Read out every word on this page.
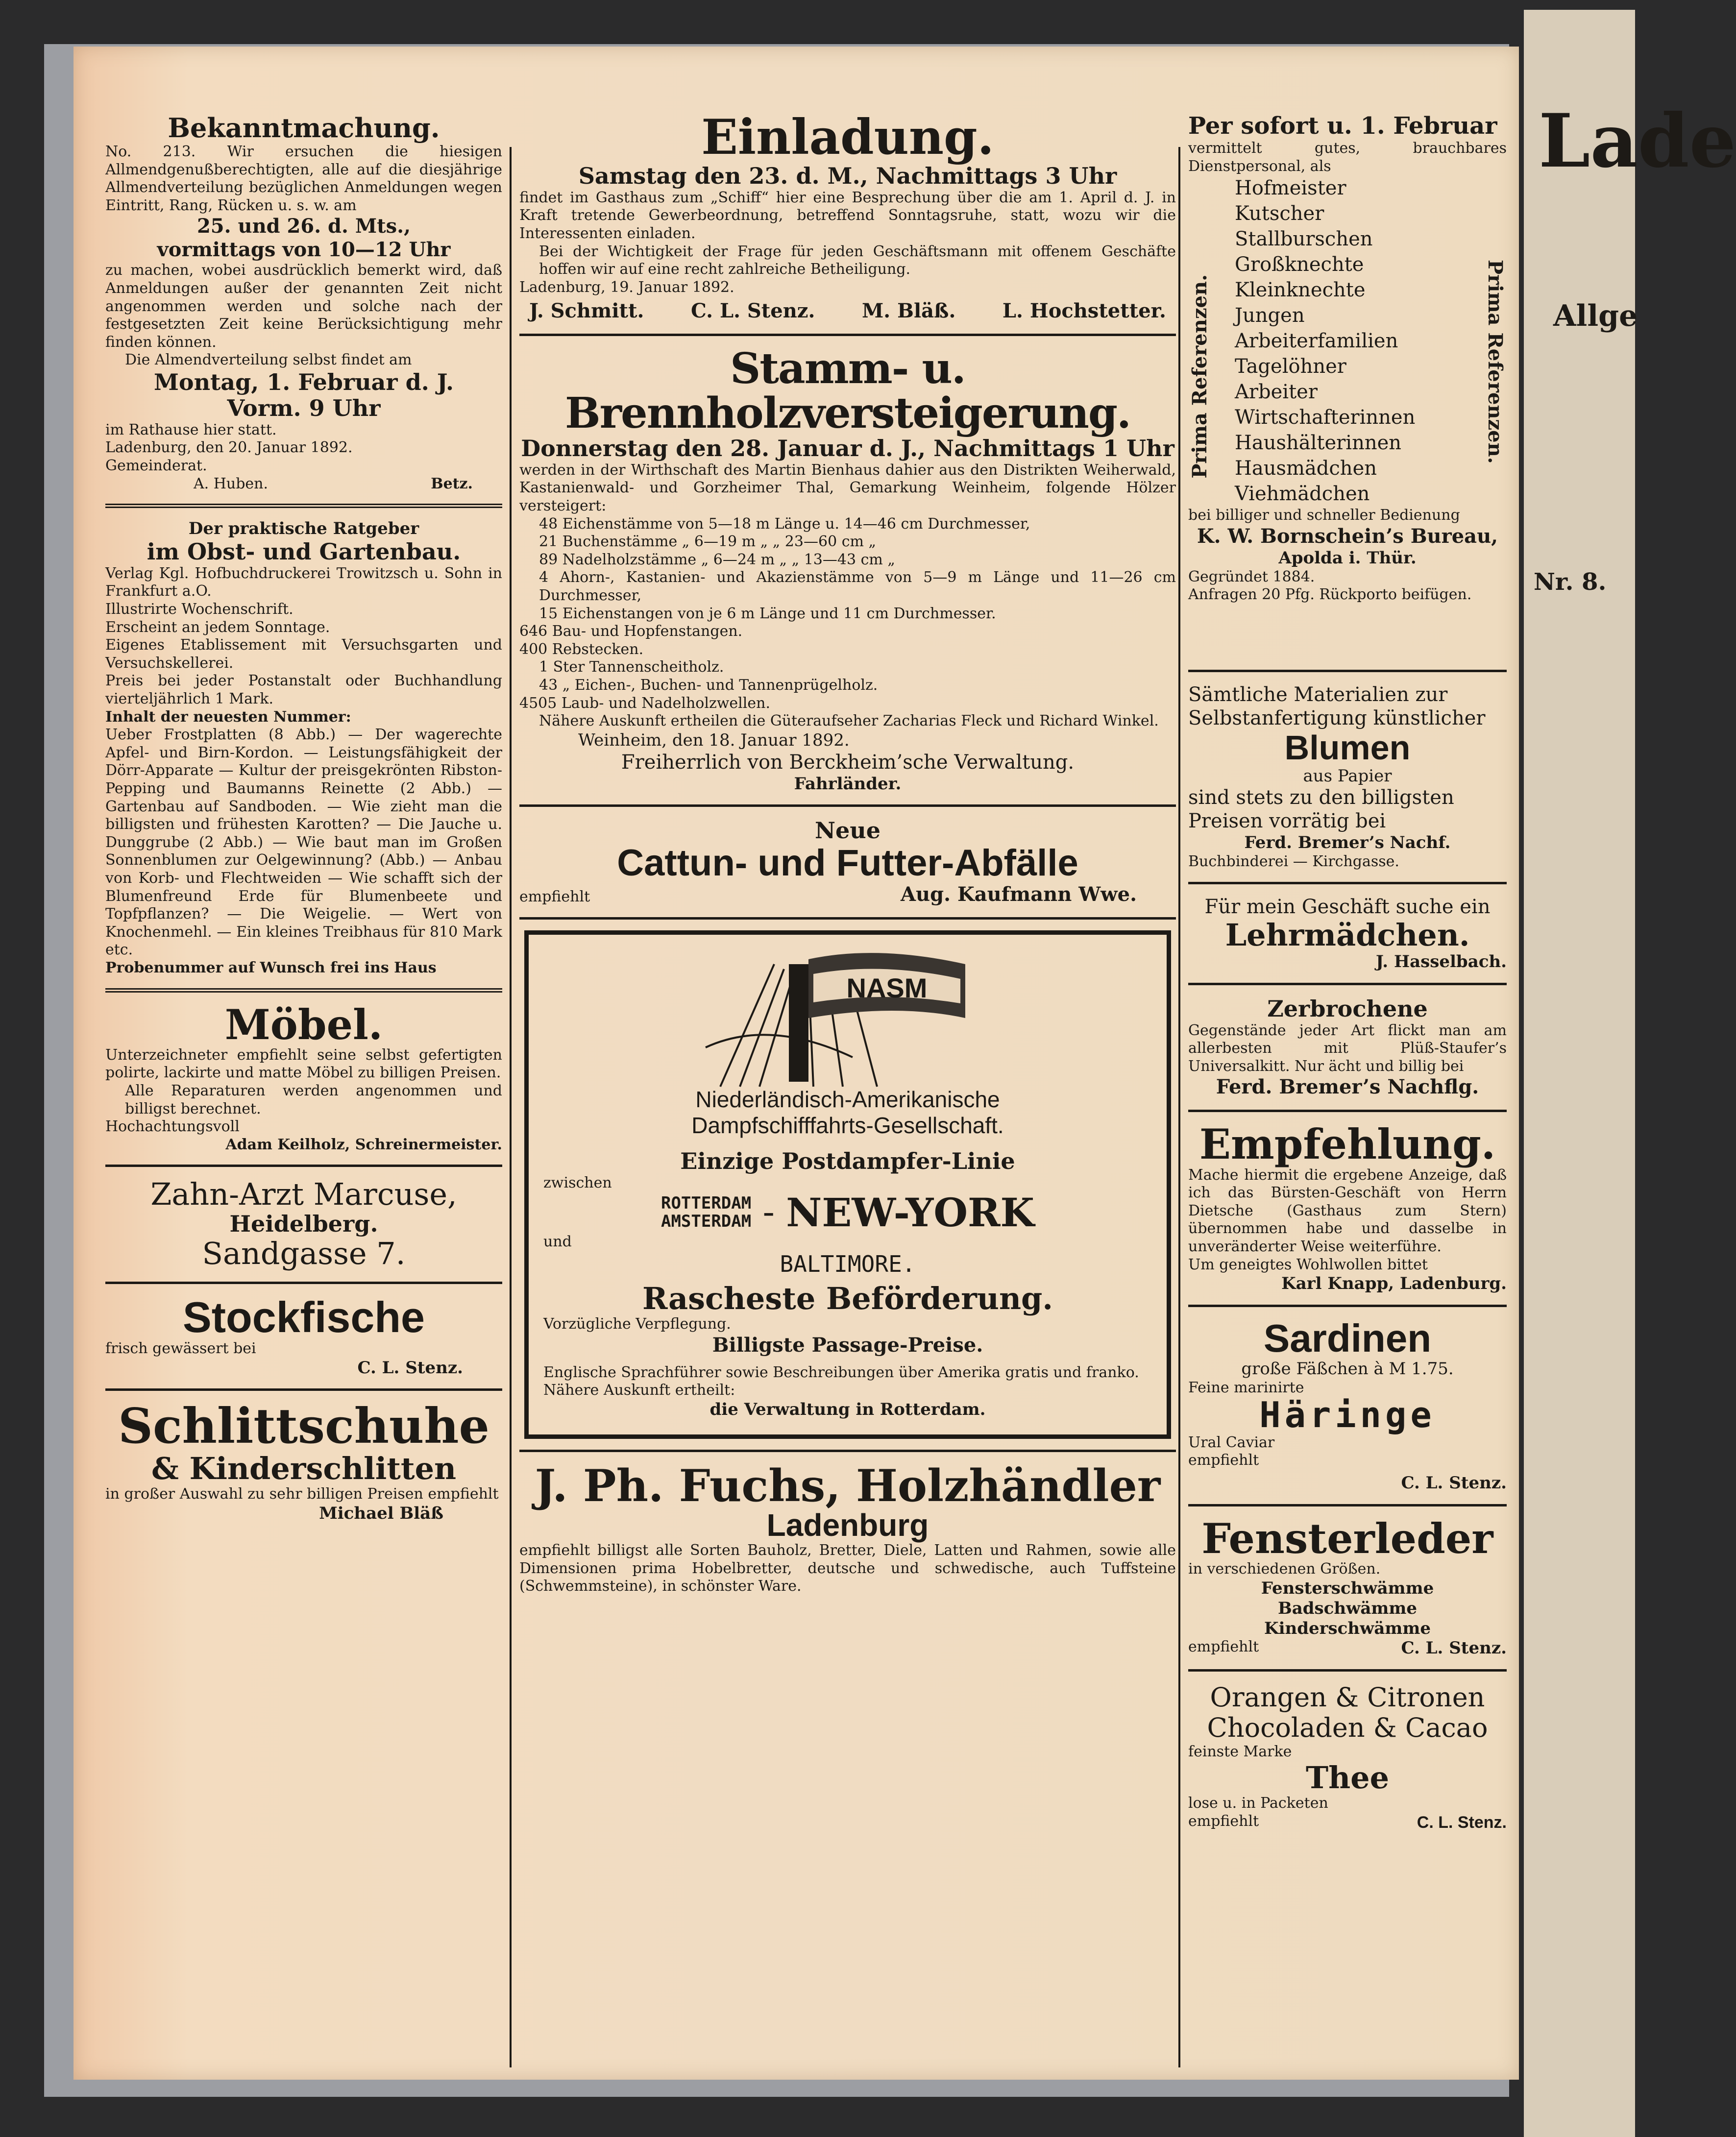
Lade
Allge
Nr. 8.

Bekanntmachung.

No. 213. Wir ersuchen die hiesigen Allmendgenußberechtigten, alle auf die diesjährige Allmendverteilung bezüglichen Anmeldungen wegen Eintritt, Rang, Rücken u. s. w. am

25. und 26. d. Mts.,

vormittags von 10—12 Uhr

zu machen, wobei ausdrücklich bemerkt wird, daß Anmeldungen außer der genannten Zeit nicht angenommen werden und solche nach der festgesetzten Zeit keine Berücksichtigung mehr finden können.

Die Almendverteilung selbst findet am

Montag, 1. Februar d. J.

Vorm. 9 Uhr

im Rathause hier statt.

Ladenburg, den 20. Januar 1892.

Gemeinderat.

A. Huben.	Betz.

Der praktische Ratgeber

im Obst- und Gartenbau.

Verlag Kgl. Hofbuchdruckerei Trowitzsch u. Sohn in Frankfurt a.O.

Illustrirte Wochenschrift.

Erscheint an jedem Sonntage.

Eigenes Etablissement mit Versuchsgarten und Versuchskellerei.

Preis bei jeder Postanstalt oder Buchhandlung vierteljährlich 1 Mark.

Inhalt der neuesten Nummer:

Ueber Frostplatten (8 Abb.) — Der wagerechte Apfel- und Birn-Kordon. — Leistungsfähigkeit der Dörr-Apparate — Kultur der preisgekrönten Ribston-Pepping und Baumanns Reinette (2 Abb.) — Gartenbau auf Sandboden. — Wie zieht man die billigsten und frühesten Karotten? — Die Jauche u. Dunggrube (2 Abb.) — Wie baut man im Großen Sonnenblumen zur Oelgewinnung? (Abb.) — Anbau von Korb- und Flechtweiden — Wie schafft sich der Blumenfreund Erde für Blumenbeete und Topfpflanzen? — Die Weigelie. — Wert von Knochenmehl. — Ein kleines Treibhaus für 810 Mark etc.

Probenummer auf Wunsch frei ins Haus

Möbel.

Unterzeichneter empfiehlt seine selbst gefertigten polirte, lackirte und matte Möbel zu billigen Preisen.

Alle Reparaturen werden angenommen und billigst berechnet.

Hochachtungsvoll

Adam Keilholz, Schreinermeister.

Zahn-Arzt Marcuse,

Heidelberg.

Sandgasse 7.

Stockfische

frisch gewässert bei

C. L. Stenz.

Schlittschuhe

& Kinderschlitten

in großer Auswahl zu sehr billigen Preisen empfiehlt

Michael Bläß

Einladung.

Samstag den 23. d. M., Nachmittags 3 Uhr

findet im Gasthaus zum „Schiff“ hier eine Besprechung über die am 1. April d. J. in Kraft tretende Gewerbeordnung, betreffend Sonntagsruhe, statt, wozu wir die Interessenten einladen.

Bei der Wichtigkeit der Frage für jeden Geschäftsmann mit offenem Geschäfte hoffen wir auf eine recht zahlreiche Betheiligung.

Ladenburg, 19. Januar 1892.

J. Schmitt. C. L. Stenz. M. Bläß. L. Hochstetter.

Stamm- u. Brennholzversteigerung.

Donnerstag den 28. Januar d. J., Nachmittags 1 Uhr

werden in der Wirthschaft des Martin Bienhaus dahier aus den Distrikten Weiherwald, Kastanienwald- und Gorzheimer Thal, Gemarkung Weinheim, folgende Hölzer versteigert:

48 Eichenstämme von 5—18 m Länge u. 14—46 cm Durchmesser,

21 Buchenstämme „ 6—19 m „ „ 23—60 cm „

89 Nadelholzstämme „ 6—24 m „ „ 13—43 cm „

4 Ahorn-, Kastanien- und Akazienstämme von 5—9 m Länge und 11—26 cm Durchmesser,

15 Eichenstangen von je 6 m Länge und 11 cm Durchmesser.

646 Bau- und Hopfenstangen.

400 Rebstecken.

1 Ster Tannenscheitholz.

43 „ Eichen-, Buchen- und Tannenprügelholz.

4505 Laub- und Nadelholzwellen.

Nähere Auskunft ertheilen die Güteraufseher Zacharias Fleck und Richard Winkel.

Weinheim, den 18. Januar 1892.

Freiherrlich von Berckheim’sche Verwaltung.

Fahrländer.

Neue

Cattun- und Futter-Abfälle

empfiehlt	Aug. Kaufmann Wwe.
NASM

Niederländisch-Amerikanische

Dampfschifffahrts-Gesellschaft.

Einzige Postdampfer-Linie

zwischen

ROTTERDAM
AMSTERDAM – NEW-YORK

und

BALTIMORE.

Rascheste Beförderung.

Vorzügliche Verpflegung.

Billigste Passage-Preise.

Englische Sprachführer sowie Beschreibungen über Amerika gratis und franko.

Nähere Auskunft ertheilt:

die Verwaltung in Rotterdam.

J. Ph. Fuchs, Holzhändler

Ladenburg

empfiehlt billigst alle Sorten Bauholz, Bretter, Diele, Latten und Rahmen, sowie alle Dimensionen prima Hobelbretter, deutsche und schwedische, auch Tuffsteine (Schwemmsteine), in schönster Ware.

Per sofort u. 1. Februar

vermittelt gutes, brauchbares Dienstpersonal, als

Prima Referenzen.	Prima Referenzen.

Hofmeister

Kutscher

Stallburschen

Großknechte

Kleinknechte

Jungen

Arbeiterfamilien

Tagelöhner

Arbeiter

Wirtschafterinnen

Haushälterinnen

Hausmädchen

Viehmädchen

bei billiger und schneller Bedienung

K. W. Bornschein’s Bureau,

Apolda i. Thür.

Gegründet 1884.

Anfragen 20 Pfg. Rückporto beifügen.

Sämtliche Materialien zur Selbstanfertigung künstlicher

Blumen

aus Papier

sind stets zu den billigsten Preisen vorrätig bei

Ferd. Bremer’s Nachf.

Buchbinderei — Kirchgasse.

Für mein Geschäft suche ein

Lehrmädchen.

J. Hasselbach.

Zerbrochene

Gegenstände jeder Art flickt man am allerbesten mit Plüß-Staufer’s Universalkitt. Nur ächt und billig bei

Ferd. Bremer’s Nachflg.

Empfehlung.

Mache hiermit die ergebene Anzeige, daß ich das Bürsten-Geschäft von Herrn Dietsche (Gasthaus zum Stern) übernommen habe und dasselbe in unveränderter Weise weiterführe.

Um geneigtes Wohlwollen bittet

Karl Knapp, Ladenburg.

Sardinen

große Fäßchen à M 1.75.

Feine marinirte

Häringe

Ural Caviar

empfiehlt
C. L. Stenz.

Fensterleder

in verschiedenen Größen.

Fensterschwämme

Badschwämme

Kinderschwämme

empfiehlt	C. L. Stenz.

Orangen & Citronen

Chocoladen & Cacao

feinste Marke

Thee

lose u. in Packeten

empfiehlt	C. L. Stenz.
